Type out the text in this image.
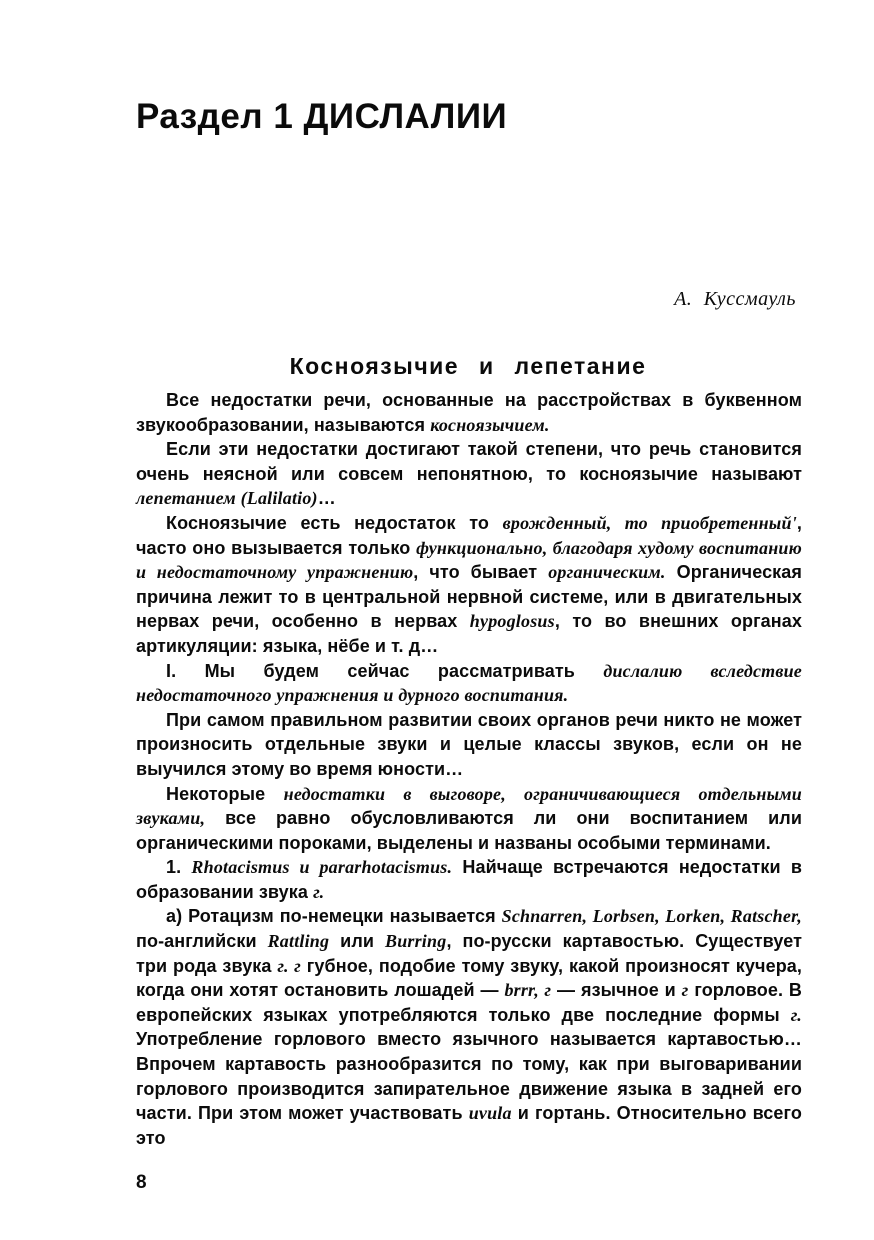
Раздел 1 ДИСЛАЛИИ
А. Куссмауль
Косноязычие и лепетание

Все недостатки речи, основанные на расстройствах в буквенном звукообразовании, называются косноязычием.

Если эти недостатки достигают такой степени, что речь становится очень неясной или совсем непонятною, то косноязычие называют лепетанием (Lalilatio)…

Косноязычие есть недостаток то врожденный, то приобретенный', часто оно вызывается только функционально, благодаря худому воспитанию и недостаточному упражнению, что бывает органическим. Органическая причина лежит то в центральной нервной системе, или в двигательных нервах речи, особенно в нервах hypoglosus, то во внешних органах артикуляции: языка, нёбе и т. д…

I. Мы будем сейчас рассматривать дислалию вследствие недостаточного упражнения и дурного воспитания.

При самом правильном развитии своих органов речи никто не может произносить отдельные звуки и целые классы звуков, если он не выучился этому во время юности…

Некоторые недостатки в выговоре, ограничивающиеся отдельными звуками, все равно обусловливаются ли они воспитанием или органическими пороками, выделены и названы особыми терминами.

1. Rhotacismus и pararhotacismus. Найчаще встречаются недостатки в образовании звука г.

а) Ротацизм по-немецки называется Schnarren, Lorbsen, Lorken, Ratscher, по-английски Rattling или Burring, по-русски картавостью. Существует три рода звука г. г губное, подобие тому звуку, какой произносят кучера, когда они хотят остановить лошадей — brrr, г — язычное и г горловое. В европейских языках употребляются только две последние формы г. Употребление горлового вместо язычного называется картавостью… Впрочем картавость разнообразится по тому, как при выговаривании горлового производится запирательное движение языка в задней его части. При этом может участвовать uvula и гортань. Относительно всего это

8
